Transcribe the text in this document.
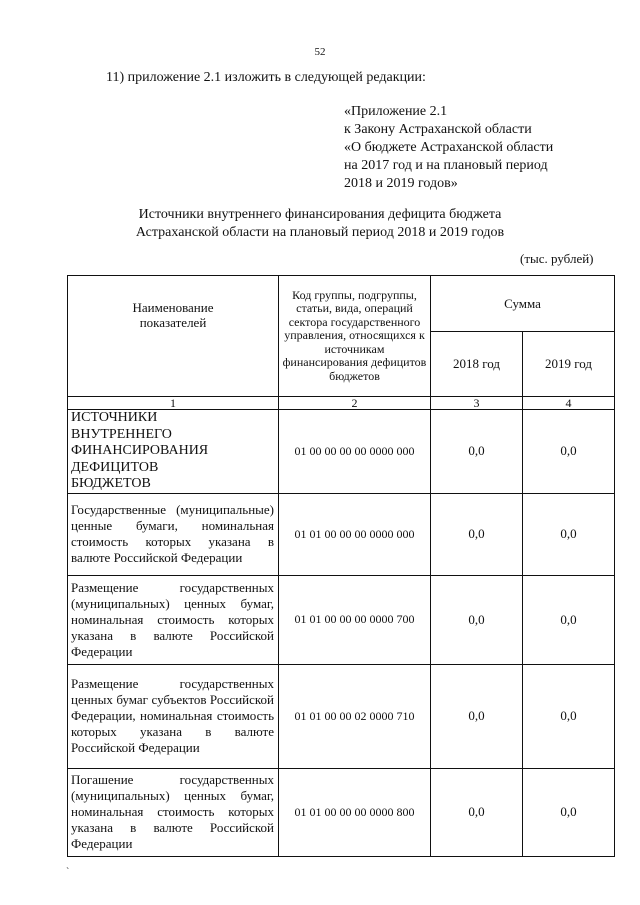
52
11) приложение 2.1 изложить в следующей редакции:
«Приложение 2.1
к Закону Астраханской области
«О бюджете Астраханской области
на 2017 год и на плановый период
2018 и 2019 годов»
Источники внутреннего финансирования дефицита бюджета
Астраханской области на плановый период 2018 и 2019 годов
(тыс. рублей)
Наименование показателей	Код группы, подгруппы, статьи, вида, операций сектора государственного управления, относящихся к источникам финансирования дефицитов бюджетов	Сумма	
		2018 год	2019 год
1	2	3	4

ИСТОЧНИКИ ВНУТРЕННЕГО ФИНАНСИРОВАНИЯ ДЕФИЦИТОВ БЮДЖЕТОВ	01 00 00 00 00 0000 000	0,0	0,0
Государственные (муниципальные) ценные бумаги, номинальная стоимость которых указана в валюте Российской Федерации	01 01 00 00 00 0000 000	0,0	0,0
Размещение государственных (муниципальных) ценных бумаг, номинальная стоимость которых указана в валюте Российской Федерации	01 01 00 00 00 0000 700	0,0	0,0
Размещение государственных ценных бумаг субъектов Российской Федерации, номинальная стоимость которых указана в валюте Российской Федерации	01 01 00 00 02 0000 710	0,0	0,0
Погашение государственных (муниципальных) ценных бумаг, номинальная стоимость которых указана в валюте Российской Федерации	01 01 00 00 00 0000 800	0,0	0,0
`
